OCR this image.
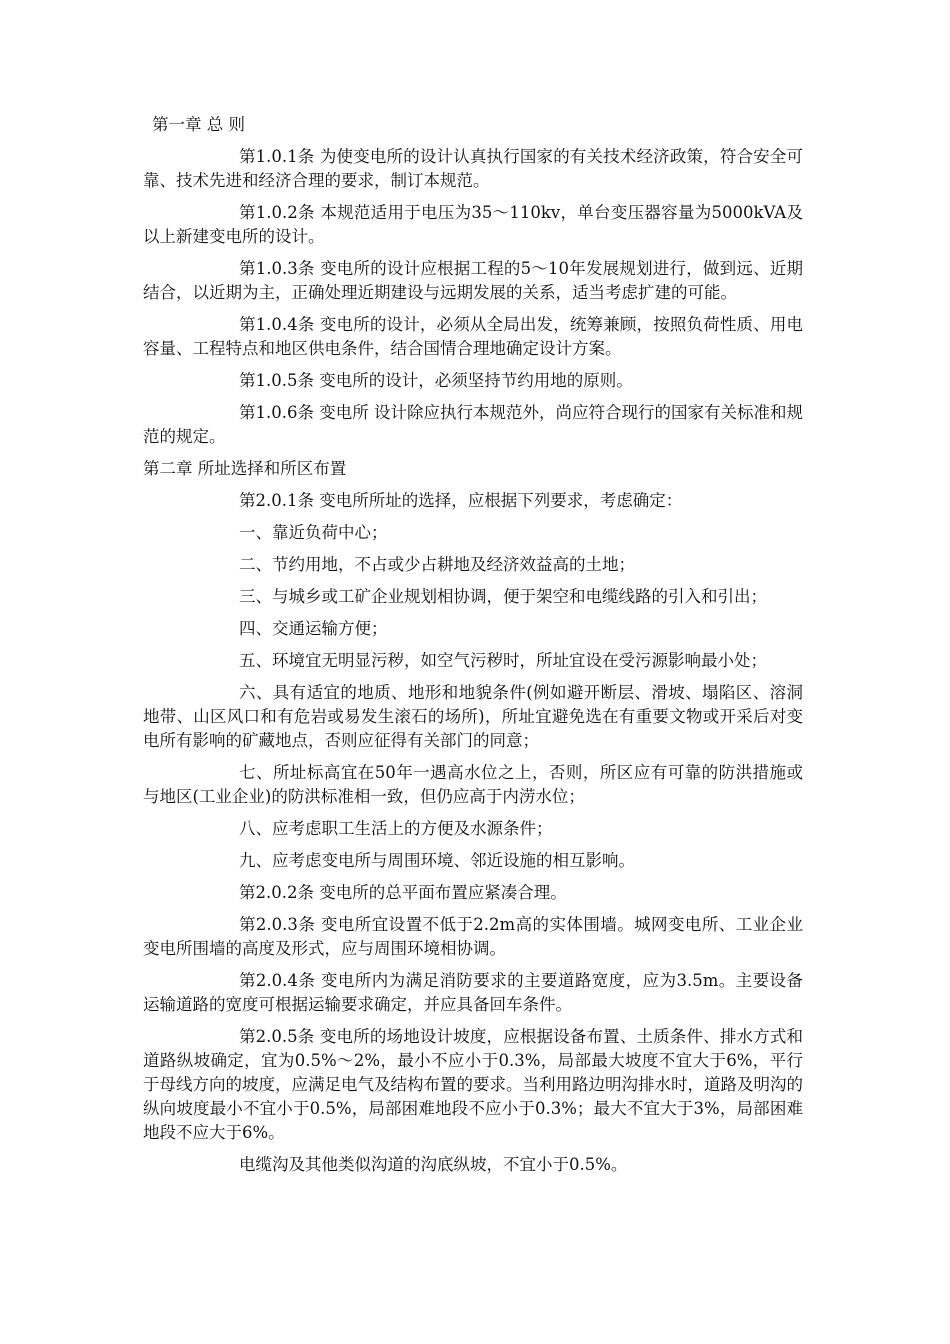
第一章 总 则

第1.0.1条 为使变电所的设计认真执行国家的有关技术经济政策，符合安全可靠、技术先进和经济合理的要求，制订本规范。

第1.0.2条 本规范适用于电压为35～110kv，单台变压器容量为5000kVA及以上新建变电所的设计。

第1.0.3条 变电所的设计应根据工程的5～10年发展规划进行，做到远、近期结合，以近期为主，正确处理近期建设与远期发展的关系，适当考虑扩建的可能。

第1.0.4条 变电所的设计，必须从全局出发，统筹兼顾，按照负荷性质、用电容量、工程特点和地区供电条件，结合国情合理地确定设计方案。

第1.0.5条 变电所的设计，必须坚持节约用地的原则。

第1.0.6条 变电所 设计除应执行本规范外，尚应符合现行的国家有关标准和规范的规定。

第二章 所址选择和所区布置

第2.0.1条 变电所所址的选择，应根据下列要求，考虑确定：

一、靠近负荷中心；

二、节约用地，不占或少占耕地及经济效益高的土地；

三、与城乡或工矿企业规划相协调，便于架空和电缆线路的引入和引出；

四、交通运输方便；

五、环境宜无明显污秽，如空气污秽时，所址宜设在受污源影响最小处；

六、具有适宜的地质、地形和地貌条件(例如避开断层、滑坡、塌陷区、溶洞地带、山区风口和有危岩或易发生滚石的场所)，所址宜避免选在有重要文物或开采后对变电所有影响的矿藏地点，否则应征得有关部门的同意；

七、所址标高宜在50年一遇高水位之上，否则，所区应有可靠的防洪措施或与地区(工业企业)的防洪标准相一致，但仍应高于内涝水位；

八、应考虑职工生活上的方便及水源条件；

九、应考虑变电所与周围环境、邻近设施的相互影响。

第2.0.2条 变电所的总平面布置应紧凑合理。

第2.0.3条 变电所宜设置不低于2.2m高的实体围墙。城网变电所、工业企业变电所围墙的高度及形式，应与周围环境相协调。

第2.0.4条 变电所内为满足消防要求的主要道路宽度，应为3.5m。主要设备运输道路的宽度可根据运输要求确定，并应具备回车条件。

第2.0.5条 变电所的场地设计坡度，应根据设备布置、土质条件、排水方式和道路纵坡确定，宜为0.5%～2%，最小不应小于0.3%，局部最大坡度不宜大于6%，平行于母线方向的坡度，应满足电气及结构布置的要求。当利用路边明沟排水时，道路及明沟的纵向坡度最小不宜小于0.5%，局部困难地段不应小于0.3%；最大不宜大于3%，局部困难地段不应大于6%。

电缆沟及其他类似沟道的沟底纵坡，不宜小于0.5%。
